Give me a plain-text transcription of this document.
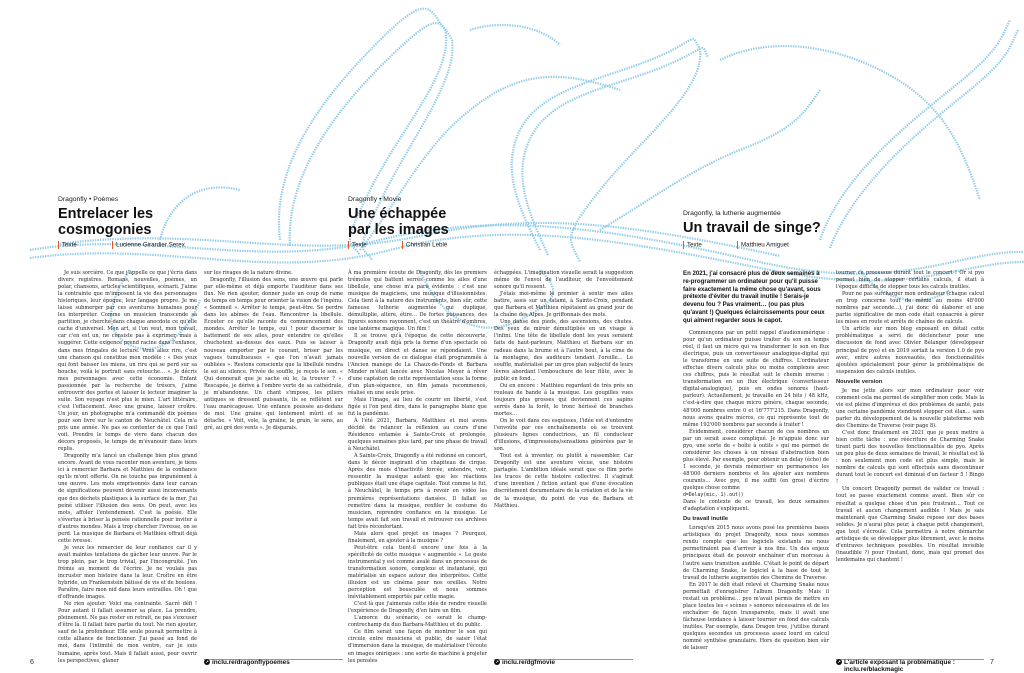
Dragonfly • Poèmes
Entrelacer les
cosmogonies
Texte	Lucienne Girardier Serex

Je suis sorcière. Ce que j'appelle ce que j'écris dans divers registres. Romans, nouvelles, poèmes, un polar, chansons, articles scientifiques, scénarii. J'aime la contrainte que m'imposent la vie des personnages historiques, leur époque, leur langage propre. Je me laisse submerger par ces aventures humaines pour les interpréter. Comme un musicien transcende sa partition, je cherche dans chaque anecdote ce qu'elle cache d'universel. Mon art, si l'on veut, mon travail, car c'en est un, ne consiste pas à exprimer, mais à suggérer. Cette exigence prend racine dans l'enfance, dans mes fringales de lecture. Vous allez rire, c'est une chanson qui constitue mon modèle : « Des yeux qui font baisser les miens, un rire qui se perd sur sa bouche, voilà le portrait sans retouche… ». Je décris mes personnages avec cette économie. Enfant passionnée par la recherche de trésors, j'aime entrouvrir des portes et laisser le lecteur imaginer la suite. Son voyage n'est plus le mien. L'art littéraire, c'est l'effacement. Avec une graine, laisser croître. Un jour, un photographe m'a commandé dix poèmes pour son livre sur le canton de Neuchâtel. Cela m'a pris une année. Ne pas se contenter de ce que l'œil voit. Prendre le temps de vivre dans chacun des décors proposés, le temps de m'évanouir dans leurs replis.

Dragonfly m'a lancé un challenge bien plus grand encore. Avant de vous raconter mon aventure, je tiens ici à remercier Barbara et Matthieu de la confiance qu'ils m'ont offerte. On ne touche pas impunément à une œuvre. Les mots emprisonnés dans leur carcan de significations peuvent devenir aussi inconvenants que des déchets plastiques à la surface de la mer. J'ai peiné utiliser l'illusion des sens. On peut, avec les mots, affoler l'entendement. C'est la poésie. Elle s'évertue à briser la pensée rationnelle pour inviter à d'autres mondes. Mais à trop chercher l'ivresse, on se perd. La musique de Barbara et Matthieu offrait déjà cette ivresse.

Je veux les remercier de leur confiance car il y avait maintes tentations de gâcher leur œuvre. Par le trop plein, par le trop trivial, par l'incongruité. J'en frémis au moment de l'écrire. Je ne voulais pas incruster mon histoire dans la leur. Croître en être hybride, un Frankenstein bâtissé de vis et de boulons. Paraître, faire mon nid dans leurs entrailles. Oh ! que d'offrande images.

Ne rien ajouter. Voici ma contrainte. Sacré défi ! Pour autant il fallait assumer sa place. La prendre, pleinement. Ne pas rester en retrait, ne pas s'excuser d'être là. Il fallait faire partie du tout. Ne rien ajouter, sauf de la profondeur. Elle seule pouvait permettre à cette alliance de fonctionner. J'ai passé au fond de moi, dans l'intimité de mon ventre, car je suis humaine, après tout. Mais il fallait aussi, pour ouvrir les perspectives, glaner

sur les rivages de la nature divine.

Dragonfly, l'illusion des sens, une œuvre qui parle par elle-même et déjà emporte l'auditeur dans ses flux. Ne rien ajouter, donner juste un coup de rame de temps en temps pour orienter la vision de l'ingénu. « Sommeil ». Arrêter le temps, peut-être. Se perdre dans les abîmes de l'eau. Rencontrer la libellule. Écouter ce qu'elle raconte du commencement des mondes. Arrêter le temps, oui ! pour discerner le battement de ses ailes, pour entendre ce qu'elles chuchotent au-dessus des eaux. Puis se laisser à nouveau emporter par le courant, briser par les vagues tumultueuses « que l'on n'avait jamais oubliées ». Restons conscients que la libellule rendra le soi au silence. Privée de souffle, je reçois le son. « Qui donnerait que je sache où le, la trouver ? ». Rescapée, je dérive à l'ombre verte de sa cathédrale, je m'abandonne. Un chant s'impose, les piliers antiques se dressent puissants, ils se reflètent sur l'eau marécageuse. Une enfance poussée au-dedans de moi. Une graine qui lentement mûrit et se détache. « Voit, vole, la graine, le grain, le sens, au gré, au gré des vents ». Je disparais.

↗ inclu.re/dragonflypoemes
6
Dragonfly • Movie
Une échappée
par les images
Texte	Christian Leblé

À ma première écoute de Dragonfly, dès les premiers trémolos qui battent serrés comme les ailes d'une libellule, une chose m'a paru évidente : c'est une musique de magiciens, une musique d'illusionnistes. Cela tient à la nature des instruments, bien sûr, cette fameuse lutherie augmentée qui duplique, démultiplie, altère, étire… De fortes puissances, des figures sonores rayonnent, c'est un théâtre d'ombres, une lanterne magique. Un film !

Il se trouve qu'à l'époque de cette découverte, Dragonfly avait déjà pris la forme d'un spectacle où musique, en direct et danse se répondaient. Une nouvelle version de ce dialogue était programmée à l'Ancien manège de La Chaux-de-Fonds et Barbara Minder m'était lancée avec Nicolas Meyer à rêver d'une captation de cette représentation sous la forme d'un plan-séquence, un film jamais recommencé, réalisé en une seule prise.

Mais l'image, au lieu de courir en liberté, s'est figée si l'on peut dire, dans le paragraphe blanc que fut la pandémie.

À l'été 2021, Barbara, Matthieu et moi avons décidé de relancer la réflexion au cours d'une Résidence entamée à Sainte-Croix et prolongée, quelques semaines plus tard, par une phase de travail à Neuchâtel.

À Sainte-Croix, Dragonfly a été redonné en concert, dans le décor inspirant d'un chapiteau de cirque. Après des mois d'inactivité forcée, entendre, voir, ressentir la musique autant que les réactions publiques était une étape capitale. Tout comme le fut, à Neuchâtel, le temps pris à revoir en vidéo les premières représentations dansées. Il fallait se remettre dans la musique, renfiler le costume du musicien, reprendre confiance en la musique. Le temps avait fait son travail et retrouver ces archives fait très réconfortant.

Mais alors quel projet en images ? Pourquoi, finalement, en ajouter à la musique ?

Peut-être cela tient-il encore une fois à la spécificité de cette musique « augmentée ». Le geste instrumental y est comme avalé dans un processus de transformation sonore, complexe et instantané, qui matérialise un espace autour des interprètes. Cette illusion est un cinéma pour nos oreilles. Notre perception est bousculée et nous sommes inévitablement emportés par cette magie.

C'est là que j'aimerais cette idée de rendre visuelle l'expérience de Dragonfly, d'en faire un film.

L'amorce du scénario, ce serait le champ-contrechamp du duo Barbara-Matthieu et du public.

Ce film serait une façon de montrer le son qui circule entre musiciens et public, de saisir l'état d'immersion dans la musique, de matérialiser l'écoute en images oniriques : une sorte de machine à projeter les pensées

échappées. L'imagination visuelle serait la suggestion même de l'envol de l'auditeur, de l'envoûtement sonore qu'il ressent.

J'étais moi-même le premier à sentir mes ailes battre, assis sur un tatami, à Sainte-Croix, pendant que Barbara et Matthieu répétaient au grand jour de la chaîne des Alpes. Je griffonnais des mots.

Une danse des pieds, des ascensions, des chutes. Des yeux de miroir démultipliés en un visage à l'infini. Une tête de libellule dont les yeux seraient faits de haut-parleurs, Matthieu et Barbara sur un radeau dans la brume et à l'autre bout, à la cime de la montagne, des auditeurs tendant l'oreille… Le souffle, matérialisé par un gros plan subjectif de leurs lèvres abordant l'embouchure de leur flûte, avec le public en fond…

Ou en encore : Matthieu regardant de très près un rouleau de bande à la musique. Les goupilles vues toujours plus grosses qui deviennent ces sapins serrés dans la forêt, le tronc hérissé de branches mortes…

On le voit dans ces esquisses, l'idée est d'entendre l'envoûte par ces enchaînements où se trouvent plusieurs lignes conductrices, un fil conducteur d'illusions, d'impressions/sensations générées par le son.

Tout est à inventer, ou plutôt à rassembler. Car Dragonfly est une aventure vécue, une histoire partagée. L'ambition idéale serait que ce film porte les traces de cette histoire collective. Il s'agirait d'une invention / fiction autant que d'une évocation discrètement documentaire de la création et de la vie de la musique, du point de vue de Barbara et Matthieu.

↗ inclu.re/dgfmovie
Dragonfly, la lutherie augmentée
Un travail de singe?
Texte	Matthieu Amiguet
En 2021, j'ai consacré plus de deux semaines à re-programmer un ordinateur pour qu'il puisse faire exactement la même chose qu'avant, sous prétexte d'éviter du travail inutile ! Serais-je devenu fou ? Pas vraiment… (ou pas plus qu'avant !) Quelques éclaircissements pour ceux qui aiment regarder sous le capot.

Commençons par un petit rappel d'audionumérique : pour qu'un ordinateur puisse traiter du son en temps réel, il faut un micro qui va transformer le son en flux électrique, puis un convertisseur analogique-digital qui le transforme en une suite de chiffres. L'ordinateur effectue divers calculs plus ou moins complexes avec ces chiffres, puis le résultat suit le chemin inverse : transformation en un flux électrique (convertisseur digital-analogique), puis en ondes sonores (haut-parleur). Actuellement, je travaille en 24 bits / 48 kHz, c'est-à-dire que chaque micro génère, chaque seconde, 48'000 nombres entre 0 et 16'777'215. Dans Dragonfly, nous avons quatre micros, ce qui représente tout de même 192'000 nombres par seconde à traiter !

Évidemment, considérer chacun de ces nombres un par un serait assez compliqué. Je m'appuie donc sur pyo, une sorte de « boîte à outils » qui me permet de considérer les choses à un niveau d'abstraction bien plus élevé. Par exemple, pour obtenir un delay (écho) de 1 seconde, je devrais mémoriser en permanence les 48'000 derniers nombres et les ajouter aux nombres courants… Avec pyo, il me suffit (en gros) d'écrire quelque chose comme

d=Delay(mic, 1).out()

Dans le contexte de ce travail, les deux semaines d'adaptation s'expliquent.

Du travail inutile

Lorsqu'en 2015 nous avons posé les premières bases artistiques du projet Dragonfly, nous nous sommes rendu compte que les logiciels existants ne nous permettraient pas d'arriver à nos fins. Un des enjeux principaux était de pouvoir enchaîner d'un morceau à l'autre sans transition audible. C'était le point de départ de Charming Snake, le logiciel à la base de tout le travail de lutherie augmentée des Chemins de Traverse.

En 2017 le défi était relevé et Charming Snake nous permettait d'enregistrer l'album Dragonfly. Mais il restait un problème… pyo m'avait permis de mettre en place toutes les « scènes » sonores nécessaires et de les enchaîner de façon transparente, mais il avait une fâcheuse tendance à laisser tourner en fond des calculs inutiles. Par exemple, dans Dragon tree, j'utilise durant quelques secondes un processus assez lourd en calcul nommé synthèse granulaire. Hors de question bien sûr de laisser

tourner ce processus durant tout le concert ! Or si pyo permet bien de stopper certains calculs, il était à l'époque difficile de stopper tous les calculs inutiles.

Pour ne pas surcharger mon ordinateur (chaque calcul en trop concerne tout de même au moins 48'000 nombres par seconde…), j'ai donc dû élaborer et une partie significative de mon code était consacrée à gérer les mises en route et arrêts de chaînes de calculs.

Un article sur mon blog exposant en détail cette problématique a servi de déclencheur pour une discussion de fond avec Olivier Bélanger (développeur principal de pyo) et en 2019 sortait la version 1.0 de pyo avec, entre autres nouveautés, des fonctionnalités ajoutées spécialement pour gérer la problématique de suspension des calculs inutiles.

Nouvelle version

Je me jette alors sur mon ordinateur pour voir comment cela me permet de simplifier mon code. Mais la vie est pleine d'imprévus et des problèmes de santé, puis une certaine pandémie viendront stopper cet élan… sans parler du développement de la nouvelle plateforme web des Chemins de Traverse (voir page 8).

C'est donc finalement en 2021 que je peux mettre à bien cette tâche : une réécriture de Charming Snake tirant parti des nouvelles fonctionnalités de pyo. Après un peu plus de deux semaines de travail, le résultat est là : non seulement mon code est plus simple, mais le nombre de calculs qui sont effectués sans discontinuer durant tout le concert est diminué d'un facteur 5 ! Bingo !

Un concert Dragonfly permet de valider ce travail : tout se passe exactement comme avant. Bien sûr ce résultat a quelque chose d'un peu frustrant… Tout ce travail et aucun changement audible ! Mais je sais maintenant que Charming Snake repose sur des bases solides. Je n'aurai plus peur, à chaque petit changement, que tout s'écroule. Cela permettra à notre démarche artistique de se développer plus librement, avec le moins d'entraves techniques possibles. Un résultat invisible (inaudible ?) pour l'instant, donc, mais qui promet des lendemains qui chantent !

↗ L'article exposant la problématique :
inclu.re/blackmagic
7
